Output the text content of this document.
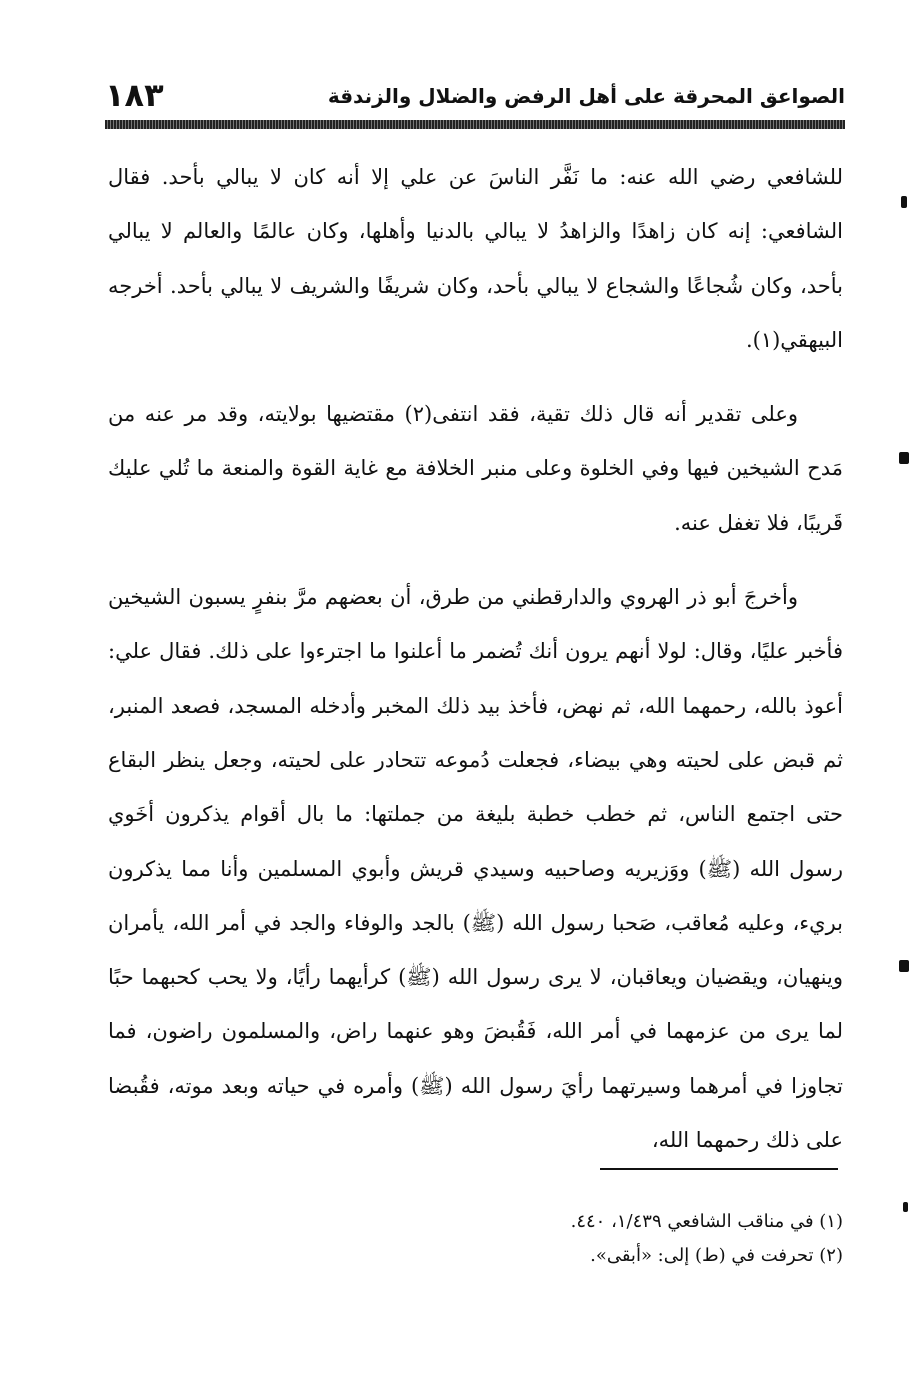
الصواعق المحرقة على أهل الرفض والضلال والزندقة
١٨٣

للشافعي رضي الله عنه: ما نَفَّر الناسَ عن علي إلا أنه كان لا يبالي بأحد. فقال الشافعي: إنه كان زاهدًا والزاهدُ لا يبالي بالدنيا وأهلها، وكان عالمًا والعالم لا يبالي بأحد، وكان شُجاعًا والشجاع لا يبالي بأحد، وكان شريفًا والشريف لا يبالي بأحد. أخرجه البيهقي(١).

وعلى تقدير أنه قال ذلك تقية، فقد انتفى(٢) مقتضيها بولايته، وقد مر عنه من مَدح الشيخين فيها وفي الخلوة وعلى منبر الخلافة مع غاية القوة والمنعة ما تُلي عليك قَريبًا، فلا تغفل عنه.

وأخرجَ أبو ذر الهروي والدارقطني من طرق، أن بعضهم مرَّ بنفرٍ يسبون الشيخين فأخبر عليًا، وقال: لولا أنهم يرون أنك تُضمر ما أعلنوا ما اجترءوا على ذلك. فقال علي: أعوذ بالله، رحمهما الله، ثم نهض، فأخذ بيد ذلك المخبر وأدخله المسجد، فصعد المنبر، ثم قبض على لحيته وهي بيضاء، فجعلت دُموعه تتحادر على لحيته، وجعل ينظر البقاع حتى اجتمع الناس، ثم خطب خطبة بليغة من جملتها: ما بال أقوام يذكرون أخَوي رسول الله (ﷺ) ووَزيريه وصاحبيه وسيدي قريش وأبوي المسلمين وأنا مما يذكرون بريء، وعليه مُعاقب، صَحبا رسول الله (ﷺ) بالجد والوفاء والجد في أمر الله، يأمران وينهيان، ويقضيان ويعاقبان، لا يرى رسول الله (ﷺ) كرأيهما رأيًا، ولا يحب كحبهما حبًا لما يرى من عزمهما في أمر الله، فَقُبضَ وهو عنهما راض، والمسلمون راضون، فما تجاوزا في أمرهما وسيرتهما رأيَ رسول الله (ﷺ) وأمره في حياته وبعد موته، فقُبضا على ذلك رحمهما الله،

(١) في مناقب الشافعي ١/٤٣٩، ٤٤٠.

(٢) تحرفت في (ط) إلى: «أبقى».
